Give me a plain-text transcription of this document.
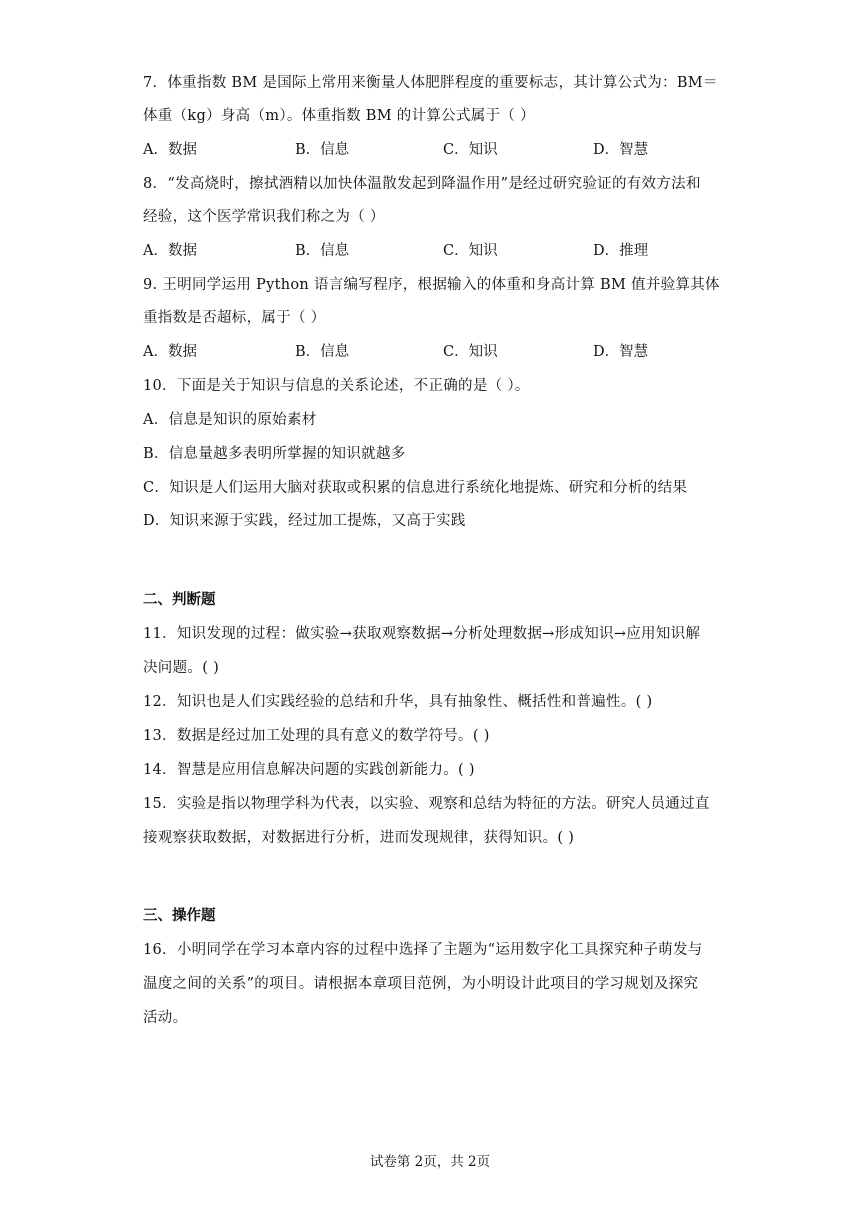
7．体重指数 BM 是国际上常用来衡量人体肥胖程度的重要标志，其计算公式为：BM＝
体重（kg）身高（m）。体重指数 BM 的计算公式属于（ ）
A．数据	B．信息	C．知识	D．智慧
8．“发高烧时，擦拭酒精以加快体温散发起到降温作用”是经过研究验证的有效方法和
经验，这个医学常识我们称之为（ ）
A．数据	B．信息	C．知识	D．推理
9. 王明同学运用 Python 语言编写程序，根据输入的体重和身高计算 BM 值并验算其体
重指数是否超标，属于（ ）
A．数据	B．信息	C．知识	D．智慧
10．下面是关于知识与信息的关系论述，不正确的是（ ）。
A．信息是知识的原始素材
B．信息量越多表明所掌握的知识就越多
C．知识是人们运用大脑对获取或积累的信息进行系统化地提炼、研究和分析的结果
D．知识来源于实践，经过加工提炼，又高于实践
二、判断题
11．知识发现的过程：做实验→获取观察数据→分析处理数据→形成知识→应用知识解
决问题。( )
12．知识也是人们实践经验的总结和升华，具有抽象性、概括性和普遍性。( )
13．数据是经过加工处理的具有意义的数学符号。( )
14．智慧是应用信息解决问题的实践创新能力。( )
15．实验是指以物理学科为代表，以实验、观察和总结为特征的方法。研究人员通过直
接观察获取数据，对数据进行分析，进而发现规律，获得知识。( )
三、操作题
16．小明同学在学习本章内容的过程中选择了主题为“运用数字化工具探究种子萌发与
温度之间的关系”的项目。请根据本章项目范例，为小明设计此项目的学习规划及探究
活动。
试卷第 2页，共 2页
